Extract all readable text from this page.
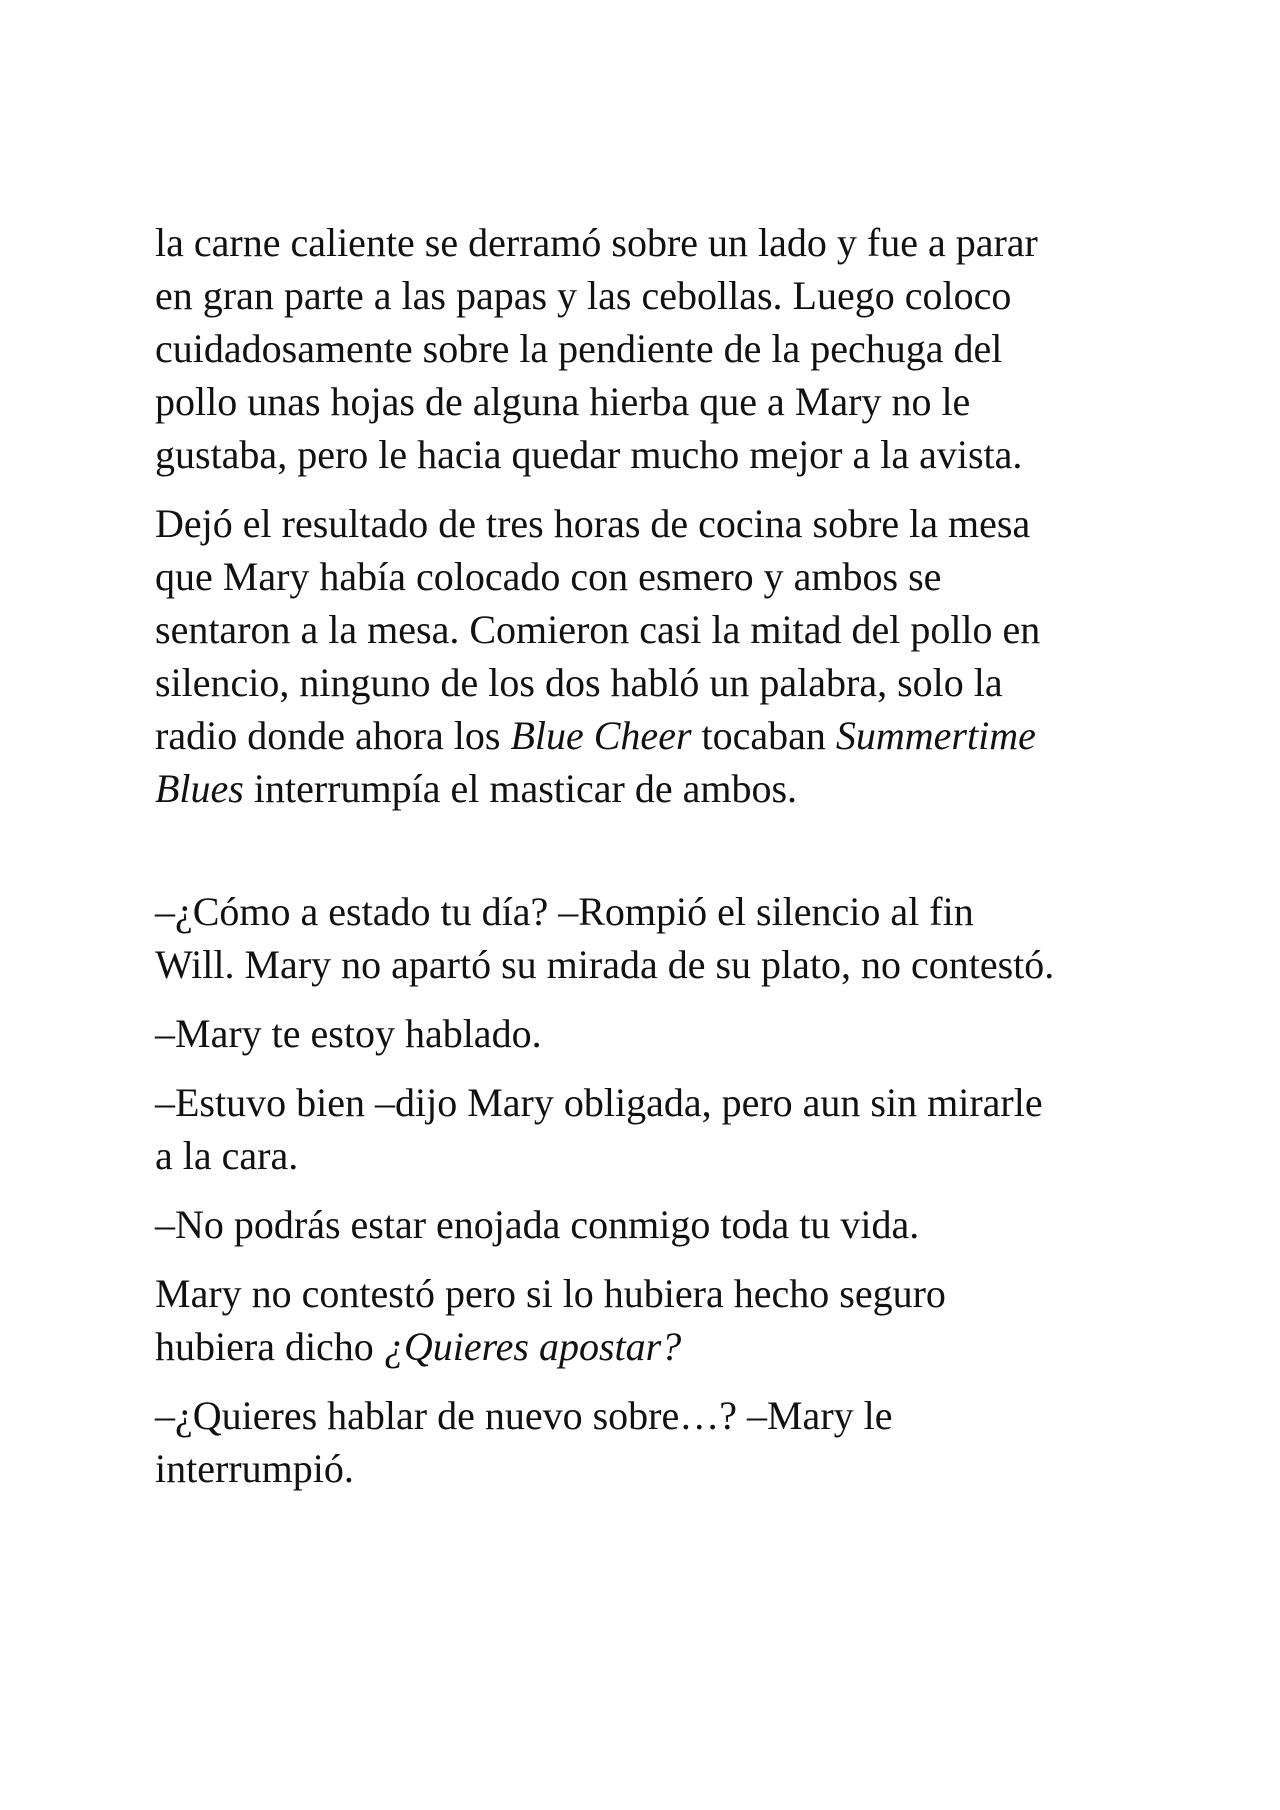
la carne caliente se derramó sobre un lado y fue a parar
en gran parte a las papas y las cebollas. Luego coloco
cuidadosamente sobre la pendiente de la pechuga del
pollo unas hojas de alguna hierba que a Mary no le
gustaba, pero le hacia quedar mucho mejor a la avista.

Dejó el resultado de tres horas de cocina sobre la mesa
que Mary había colocado con esmero y ambos se
sentaron a la mesa. Comieron casi la mitad del pollo en
silencio, ninguno de los dos habló un palabra, solo la
radio donde ahora los Blue Cheer tocaban Summertime
Blues interrumpía el masticar de ambos.

–¿Cómo a estado tu día? –Rompió el silencio al fin
Will. Mary no apartó su mirada de su plato, no contestó.

–Mary te estoy hablado.

–Estuvo bien –dijo Mary obligada, pero aun sin mirarle
a la cara.

–No podrás estar enojada conmigo toda tu vida.

Mary no contestó pero si lo hubiera hecho seguro
hubiera dicho ¿Quieres apostar?

–¿Quieres hablar de nuevo sobre…? –Mary le
interrumpió.
